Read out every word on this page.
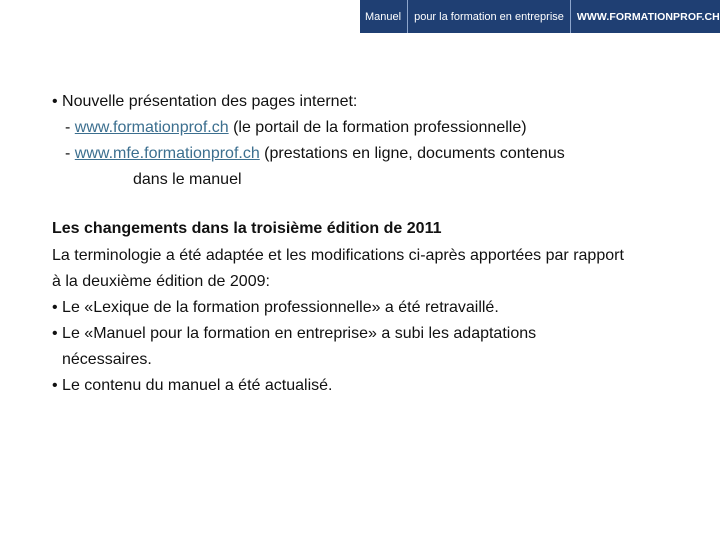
Manuel	pour la formation en entreprise	WWW.FORMATIONPROF.CH
• Nouvelle présentation des pages internet:
- www.formationprof.ch (le portail de la formation professionnelle)
- www.mfe.formationprof.ch (prestations en ligne, documents contenus
dans le manuel
Les changements dans la troisième édition de 2011
La terminologie a été adaptée et les modifications ci-après apportées par rapport
à la deuxième édition de 2009:
• Le «Lexique de la formation professionnelle» a été retravaillé.
• Le «Manuel pour la formation en entreprise» a subi les adaptations
nécessaires.
• Le contenu du manuel a été actualisé.
